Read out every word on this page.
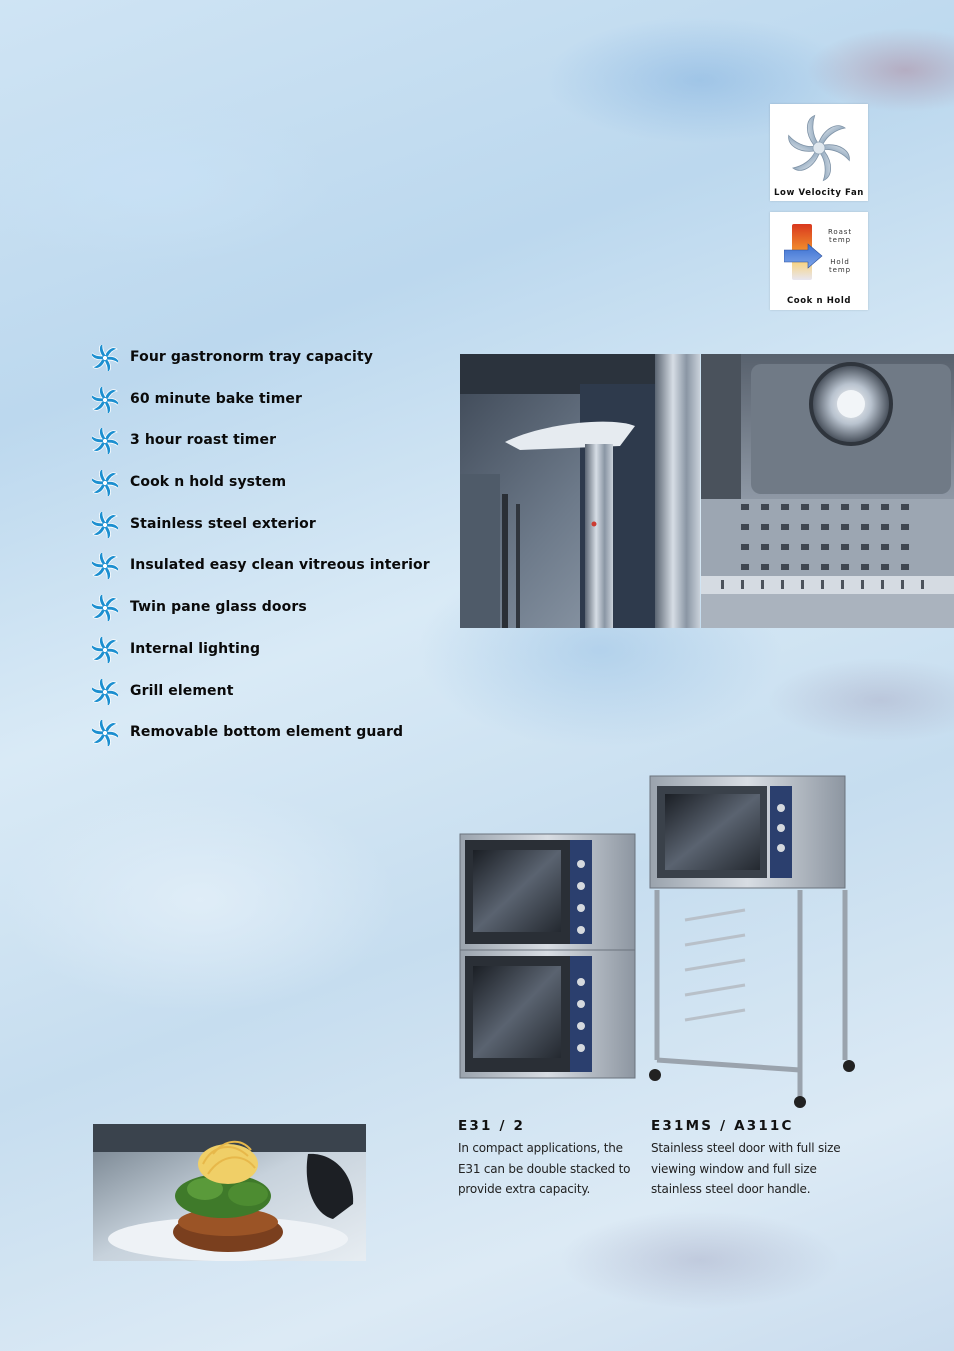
Low Velocity Fan
Roast temp
Hold temp
Cook n Hold
Four gastronorm tray capacity
60 minute bake timer
3 hour roast timer
Cook n hold system
Stainless steel exterior
Insulated easy clean vitreous interior
Twin pane glass doors
Internal lighting
Grill element
Removable bottom element guard
E31 / 2

In compact applications, the E31 can be double stacked to provide extra capacity.

E31MS / A311C

Stainless steel door with full size viewing window and full size stainless steel door handle.
